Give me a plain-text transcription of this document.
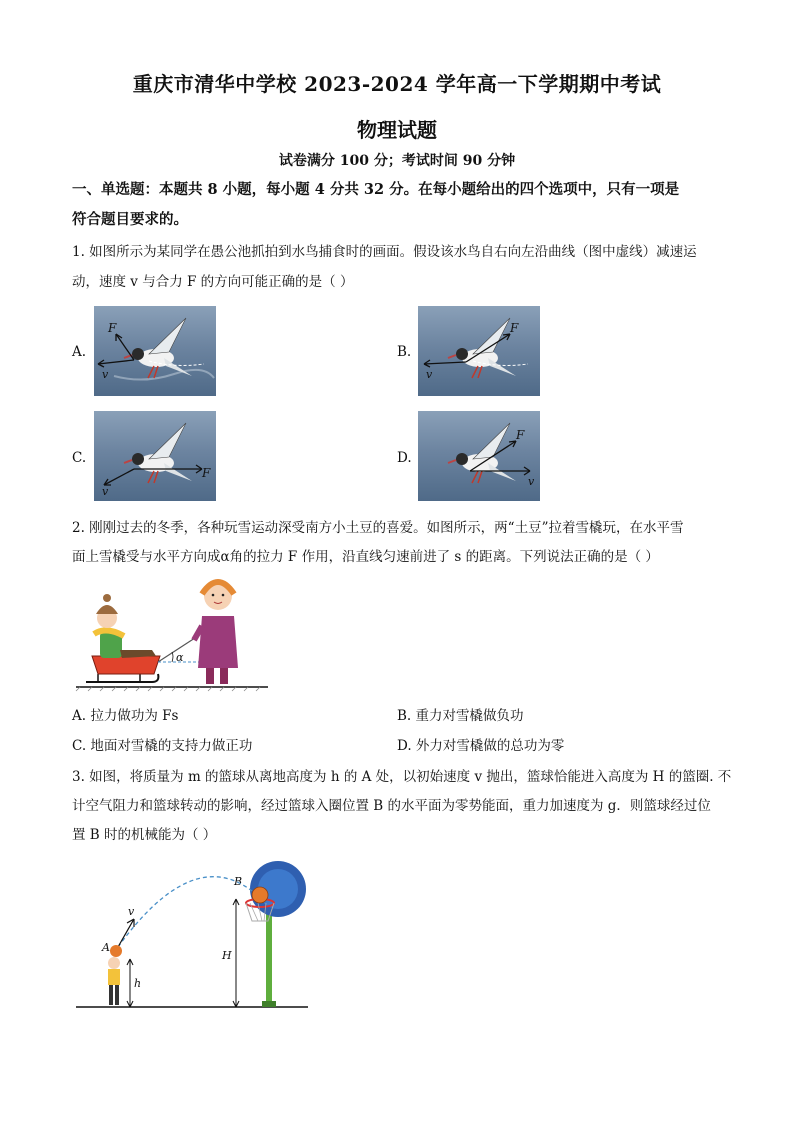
重庆市清华中学校 2023-2024 学年高一下学期期中考试
物理试题
试卷满分 100 分；考试时间 90 分钟
一、单选题：本题共 8 小题，每小题 4 分共 32 分。在每小题给出的四个选项中，只有一项是
符合题目要求的。
1. 如图所示为某同学在愚公池抓拍到水鸟捕食时的画面。假设该水鸟自右向左沿曲线（图中虚线）减速运
动，速度 v 与合力 F 的方向可能正确的是（ ）
A.
F
v
B.
F
v
C.
F
v
D.
F
v
2. 刚刚过去的冬季，各种玩雪运动深受南方小土豆的喜爱。如图所示，两“土豆”拉着雪橇玩，在水平雪
面上雪橇受与水平方向成α角的拉力 F 作用，沿直线匀速前进了 s 的距离。下列说法正确的是（ ）
α
A. 拉力做功为 Fs	B. 重力对雪橇做负功
C. 地面对雪橇的支持力做正功	D. 外力对雪橇做的总功为零
3. 如图，将质量为 m 的篮球从离地高度为 h 的 A 处，以初始速度 v 抛出，篮球恰能进入高度为 H 的篮圈. 不
计空气阻力和篮球转动的影响，经过篮球入圈位置 B 的水平面为零势能面，重力加速度为 g．则篮球经过位
置 B 时的机械能为（ ）
B
v
A
h
H
